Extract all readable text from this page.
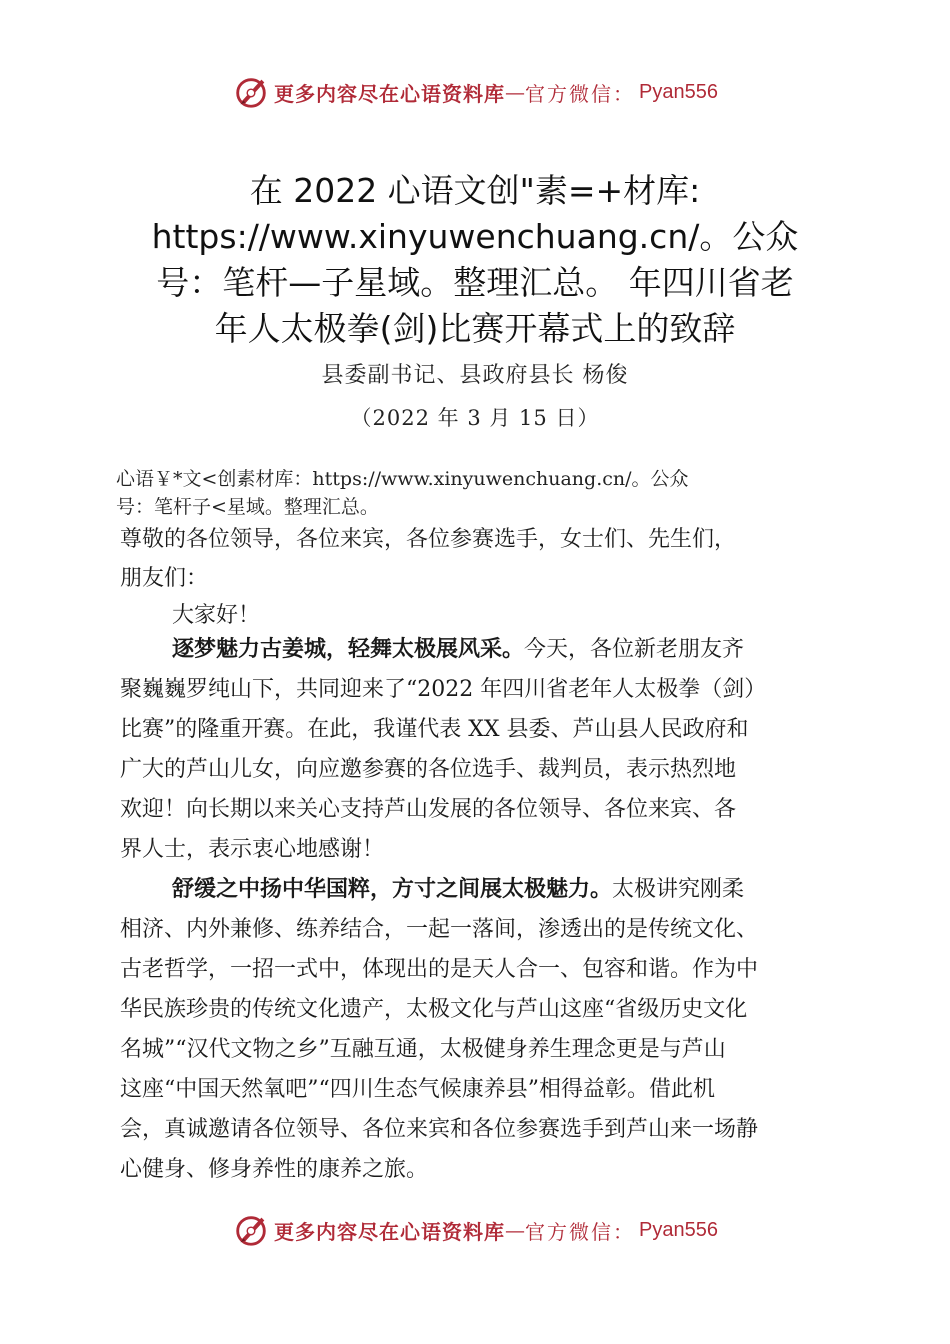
更多内容尽在心语资料库 — 官方微信： Pyan556
在 2022 心语文创"素=+材库:
https://www.xinyuwenchuang.cn/。公众
号：笔杆—子星域。整理汇总。 年四川省老
年人太极拳(剑)比赛开幕式上的致辞
县委副书记、县政府县长 杨俊
（2022 年 3 月 15 日）
心语￥*文<创素材库：https://www.xinyuwenchuang.cn/。公众
号：笔杆子<星域。整理汇总。
尊敬的各位领导，各位来宾，各位参赛选手，女士们、先生们，
朋友们：
大家好！
逐梦魅力古姜城，轻舞太极展风采。今天，各位新老朋友齐
聚巍巍罗纯山下，共同迎来了“2022 年四川省老年人太极拳（剑）
比赛”的隆重开赛。在此，我谨代表 XX 县委、芦山县人民政府和
广大的芦山儿女，向应邀参赛的各位选手、裁判员，表示热烈地
欢迎！向长期以来关心支持芦山发展的各位领导、各位来宾、各
界人士，表示衷心地感谢！
舒缓之中扬中华国粹，方寸之间展太极魅力。太极讲究刚柔
相济、内外兼修、练养结合，一起一落间，渗透出的是传统文化、
古老哲学，一招一式中，体现出的是天人合一、包容和谐。作为中
华民族珍贵的传统文化遗产，太极文化与芦山这座“省级历史文化
名城”“汉代文物之乡”互融互通，太极健身养生理念更是与芦山
这座“中国天然氧吧”“四川生态气候康养县”相得益彰。借此机
会，真诚邀请各位领导、各位来宾和各位参赛选手到芦山来一场静
心健身、修身养性的康养之旅。
更多内容尽在心语资料库 — 官方微信： Pyan556
